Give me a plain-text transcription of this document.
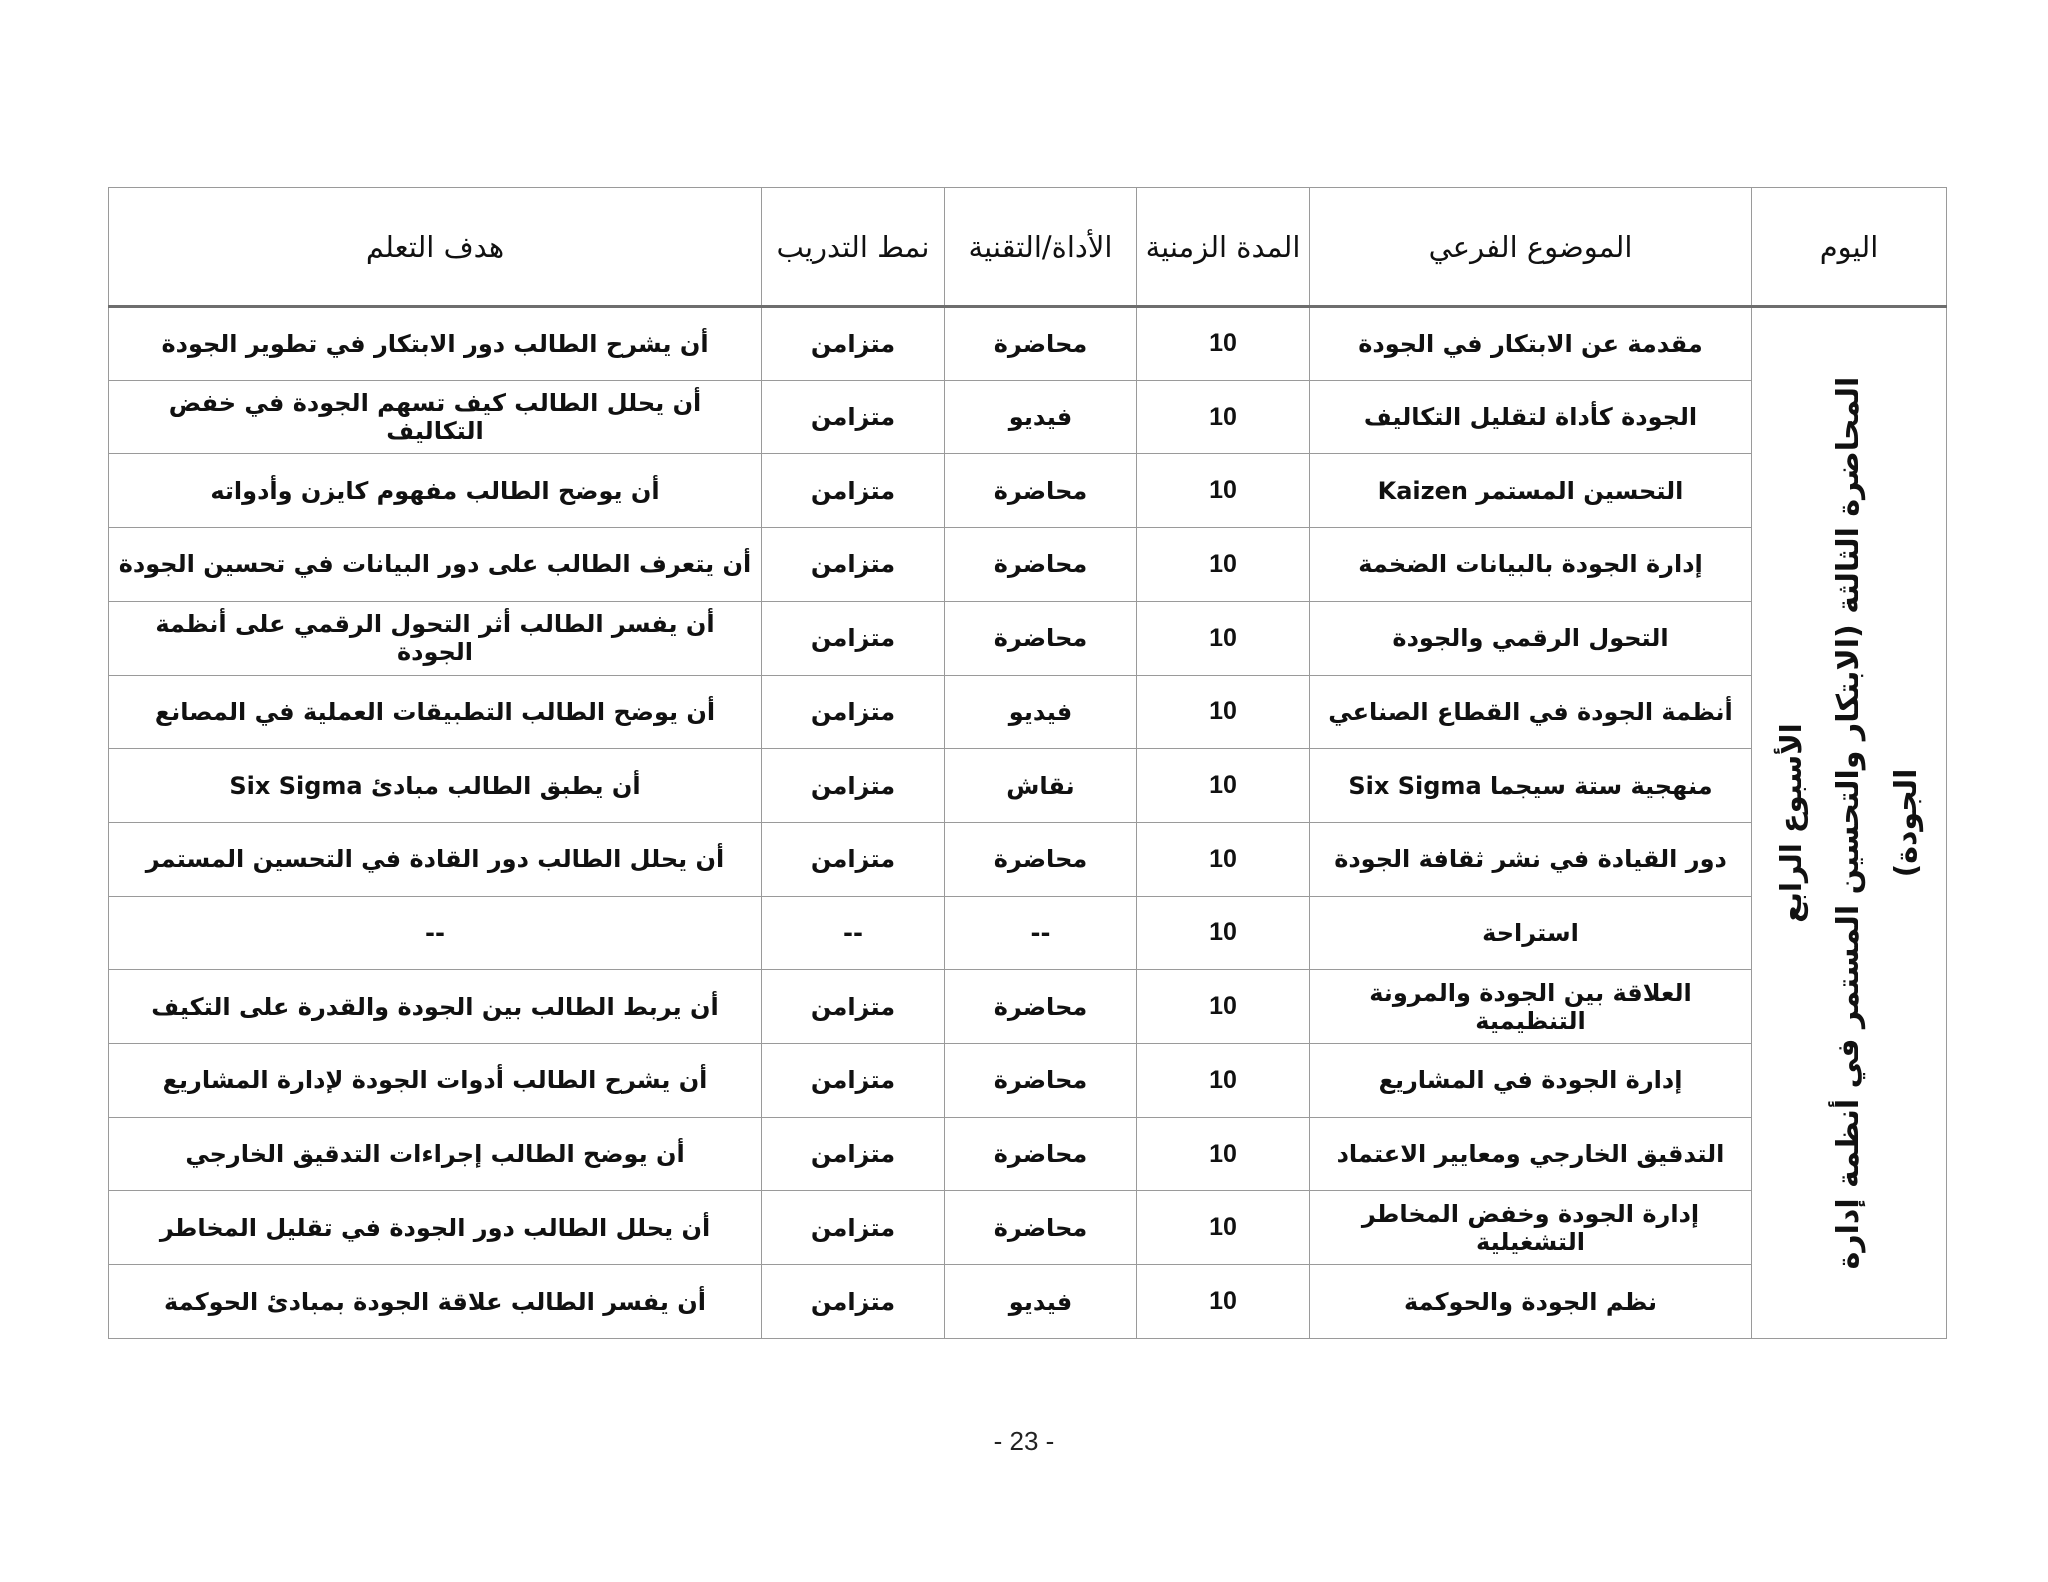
اليوم	الموضوع الفرعي	المدة الزمنية	الأداة/التقنية	نمط التدريب	هدف التعلم

الأسبوع الرابع المحاضرة الثالثة (الابتكار والتحسين المستمر في أنظمة إدارة الجودة)	مقدمة عن الابتكار في الجودة	10	محاضرة	متزامن	أن يشرح الطالب دور الابتكار في تطوير الجودة
	الجودة كأداة لتقليل التكاليف	10	فيديو	متزامن	أن يحلل الطالب كيف تسهم الجودة في خفض التكاليف
	التحسين المستمر Kaizen	10	محاضرة	متزامن	أن يوضح الطالب مفهوم كايزن وأدواته
	إدارة الجودة بالبيانات الضخمة	10	محاضرة	متزامن	أن يتعرف الطالب على دور البيانات في تحسين الجودة
	التحول الرقمي والجودة	10	محاضرة	متزامن	أن يفسر الطالب أثر التحول الرقمي على أنظمة الجودة
	أنظمة الجودة في القطاع الصناعي	10	فيديو	متزامن	أن يوضح الطالب التطبيقات العملية في المصانع
	منهجية ستة سيجما Six Sigma	10	نقاش	متزامن	أن يطبق الطالب مبادئ Six Sigma
	دور القيادة في نشر ثقافة الجودة	10	محاضرة	متزامن	أن يحلل الطالب دور القادة في التحسين المستمر
	استراحة	10	--	--	--
	العلاقة بين الجودة والمرونة التنظيمية	10	محاضرة	متزامن	أن يربط الطالب بين الجودة والقدرة على التكيف
	إدارة الجودة في المشاريع	10	محاضرة	متزامن	أن يشرح الطالب أدوات الجودة لإدارة المشاريع
	التدقيق الخارجي ومعايير الاعتماد	10	محاضرة	متزامن	أن يوضح الطالب إجراءات التدقيق الخارجي
	إدارة الجودة وخفض المخاطر التشغيلية	10	محاضرة	متزامن	أن يحلل الطالب دور الجودة في تقليل المخاطر
	نظم الجودة والحوكمة	10	فيديو	متزامن	أن يفسر الطالب علاقة الجودة بمبادئ الحوكمة
- 23 -
